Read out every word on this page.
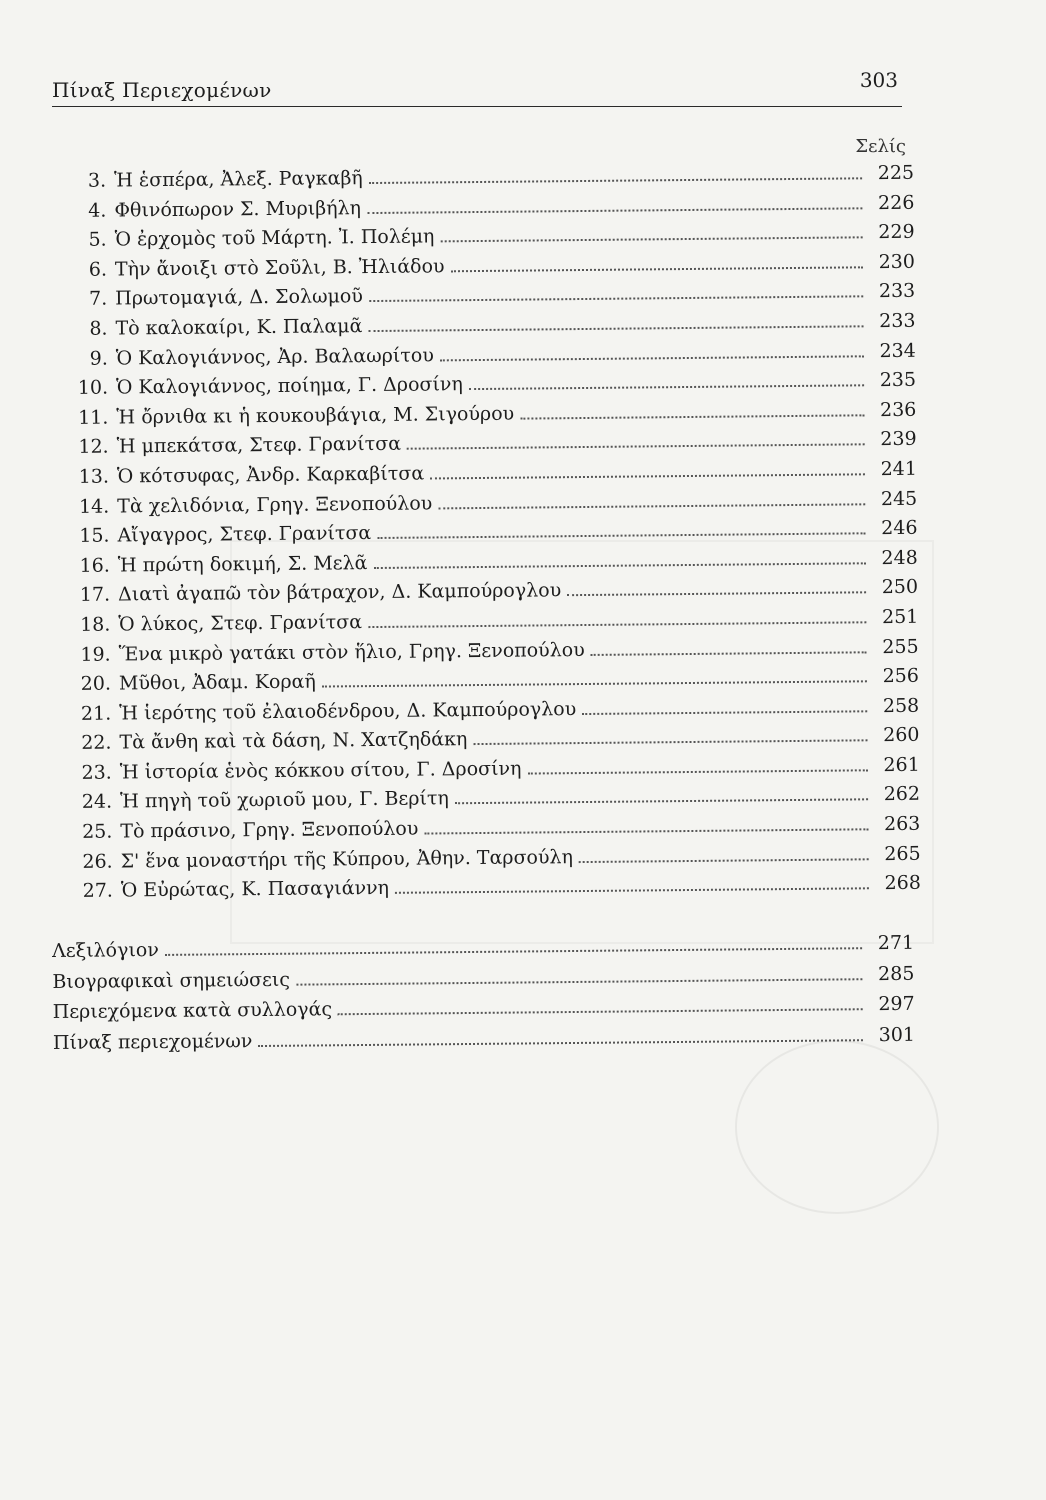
Πίναξ Περιεχομένων	303
Σελίς
3. Ἡ ἑσπέρα, Ἀλεξ. Ραγκαβῆ	225
4. Φθινόπωρον Σ. Μυριβήλη	226
5. Ὁ ἐρχομὸς τοῦ Μάρτη. Ἰ. Πολέμη	229
6. Τὴν ἄνοιξι στὸ Σοῦλι, Β. Ἠλιάδου	230
7. Πρωτομαγιά, Δ. Σολωμοῦ	233
8. Τὸ καλοκαίρι, Κ. Παλαμᾶ	233
9. Ὁ Καλογιάννος, Ἀρ. Βαλαωρίτου	234
10. Ὁ Καλογιάννος, ποίημα, Γ. Δροσίνη	235
11. Ἡ ὄρνιθα κι ἡ κουκουβάγια, Μ. Σιγούρου	236
12. Ἡ μπεκάτσα, Στεφ. Γρανίτσα	239
13. Ὁ κότσυφας, Ἀνδρ. Καρκαβίτσα	241
14. Τὰ χελιδόνια, Γρηγ. Ξενοπούλου	245
15. Αἴγαγρος, Στεφ. Γρανίτσα	246
16. Ἡ πρώτη δοκιμή, Σ. Μελᾶ	248
17. Διατὶ ἀγαπῶ τὸν βάτραχον, Δ. Καμπούρογλου	250
18. Ὁ λύκος, Στεφ. Γρανίτσα	251
19. Ἕνα μικρὸ γατάκι στὸν ἥλιο, Γρηγ. Ξενοπούλου	255
20. Μῦθοι, Ἀδαμ. Κοραῆ	256
21. Ἡ ἱερότης τοῦ ἐλαιοδένδρου, Δ. Καμπούρογλου	258
22. Τὰ ἄνθη καὶ τὰ δάση, Ν. Χατζηδάκη	260
23. Ἡ ἱστορία ἑνὸς κόκκου σίτου, Γ. Δροσίνη	261
24. Ἡ πηγὴ τοῦ χωριοῦ μου, Γ. Βερίτη	262
25. Τὸ πράσινο, Γρηγ. Ξενοπούλου	263
26. Σ' ἕνα μοναστήρι τῆς Κύπρου, Ἀθην. Ταρσούλη	265
27. Ὁ Εὐρώτας, Κ. Πασαγιάννη	268
Λεξιλόγιον	271
Βιογραφικαὶ σημειώσεις	285
Περιεχόμενα κατὰ συλλογάς	297
Πίναξ περιεχομένων	301
